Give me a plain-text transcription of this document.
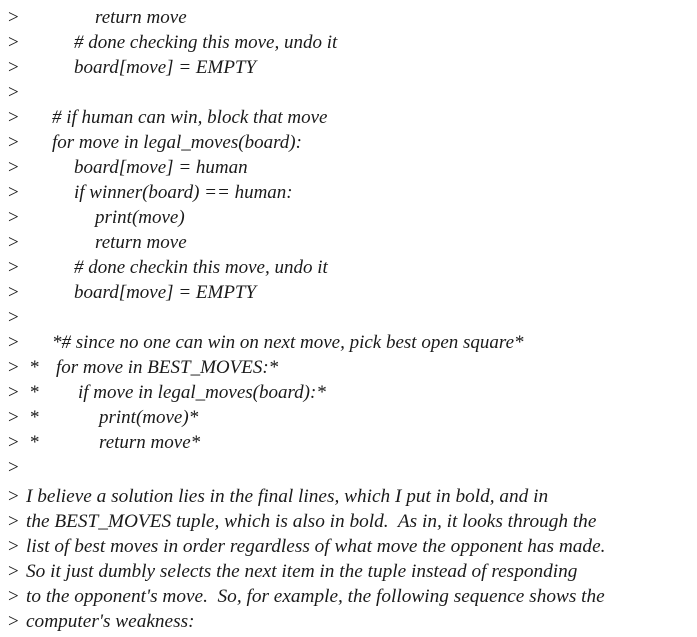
>	return move
>	# done checking this move, undo it
>	board[move] = EMPTY
>
> # if human can win, block that move
> for move in legal_moves(board):
>	board[move] = human
>	if winner(board) == human:
>	print(move)
>	return move
>	# done checkin this move, undo it
>	board[move] = EMPTY
>
> *# since no one can win on next move, pick best open square*
> * for move in BEST_MOVES:*
> * if move in legal_moves(board):*
> *	print(move)*
> *	return move*
>
> I believe a solution lies in the final lines, which I put in bold, and in
> the BEST_MOVES tuple, which is also in bold.  As in, it looks through the
> list of best moves in order regardless of what move the opponent has made.
> So it just dumbly selects the next item in the tuple instead of responding
> to the opponent's move.  So, for example, the following sequence shows the
> computer's weakness:
